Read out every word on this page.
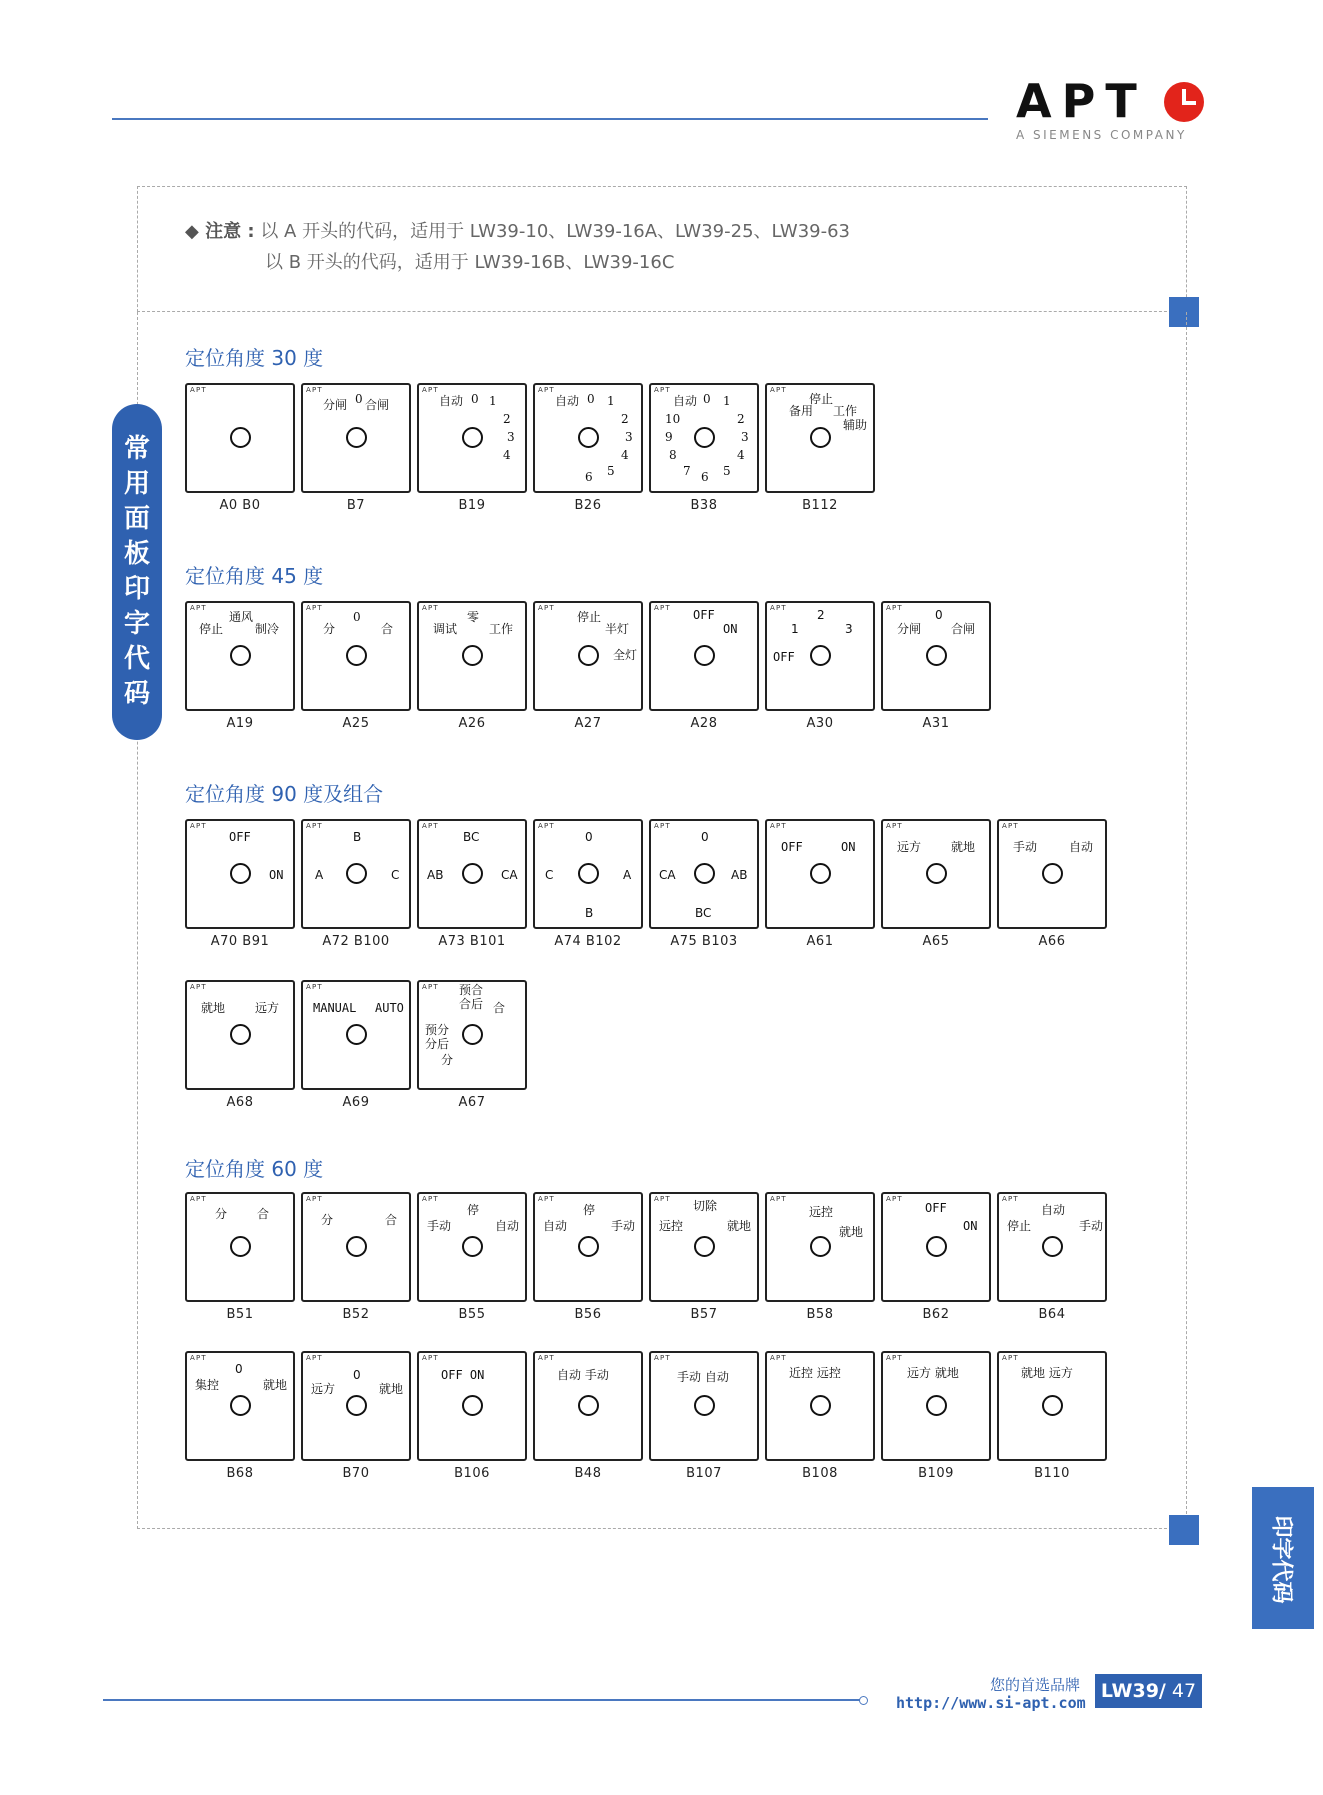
APT
A SIEMENS COMPANY
◆ 注意 : 以 A 开头的代码，适用于 LW39-10、LW39-16A、LW39-25、LW39-63
以 B 开头的代码，适用于 LW39-16B、LW39-16C
常
用
面
板
印
字
代
码
定位角度 30 度
定位角度 45 度
定位角度 90 度及组合
定位角度 60 度
APT
A0 B0
APT
分闸 0 合闸
B7
APT
自动 0 1
2
3
4
B19
APT
自动 0 1
2
3
4
5
6
B26
APT
自动 0 1
2
3
4
5
6
7
8
9
10
B38
APT
停止
备用 工作
辅助
B112
APT
通风
停止	制冷
A19
APT
0
分	合
A25
APT
零
调试	工作
A26
APT
停止
半灯
全灯
A27
APT OFF
ON
A28
APT	2
1	3
OFF
A30
APT	0
分闸 合闸
A31
APT
OFF
ON
A70 B91
APT
B
A	C
A72 B100
APT
BC
AB	CA
A73 B101
APT
0
C	A
B
A74 B102
APT
0
CA	AB
BC
A75 B103
APT
OFF	ON
A61
APT
远方 就地
A65
APT
手动	自动
A66
APT
就地 远方
A68
APT
MANUAL AUTO
A69
APT 预合
合后 合
预分
分后
分
A67
APT
分 合
B51
APT
分	合
B52
APT
停
手动	自动
B55
APT
停
自动	手动
B56
APT 切除
远控	就地
B57
APT
远控
就地
B58
APT
OFF
ON
B62
APT
自动
停止	手动
B64
APT
0
集控	就地
B68
APT
0
远方	就地
B70
APT
OFF ON
B106
APT
自动 手动
B48
APT
手动 自动
B107
APT
近控 远控
B108
APT
远方 就地
B109
APT
就地 远方
B110
印字代码
您的首选品牌
http://www.si-apt.com
LW39/ 47
